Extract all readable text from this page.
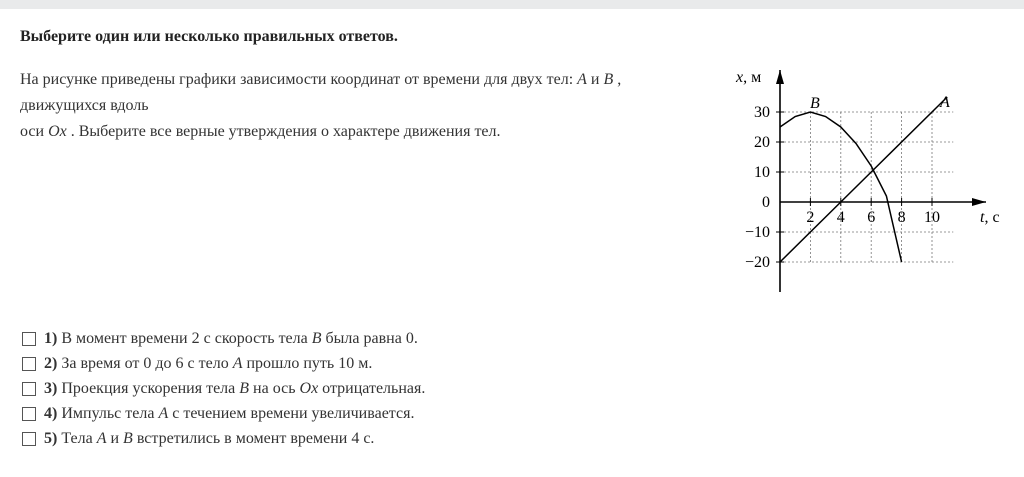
Выберите один или несколько правильных ответов.
На рисунке приведены графики зависимости координат от времени для двух тел: A и B ,
движущихся вдоль
оси Ox . Выберите все верные утверждения о характере движения тел.
30
20
10
0
−10
−20
2 4 6 8 10
x, м
t, с
A
B
1) В момент времени 2 с скорость тела B была равна 0.
2) За время от 0 до 6 с тело A прошло путь 10 м.
3) Проекция ускорения тела B на ось Ox отрицательная.
4) Импульс тела A с течением времени увеличивается.
5) Тела A и B встретились в момент времени 4 с.
